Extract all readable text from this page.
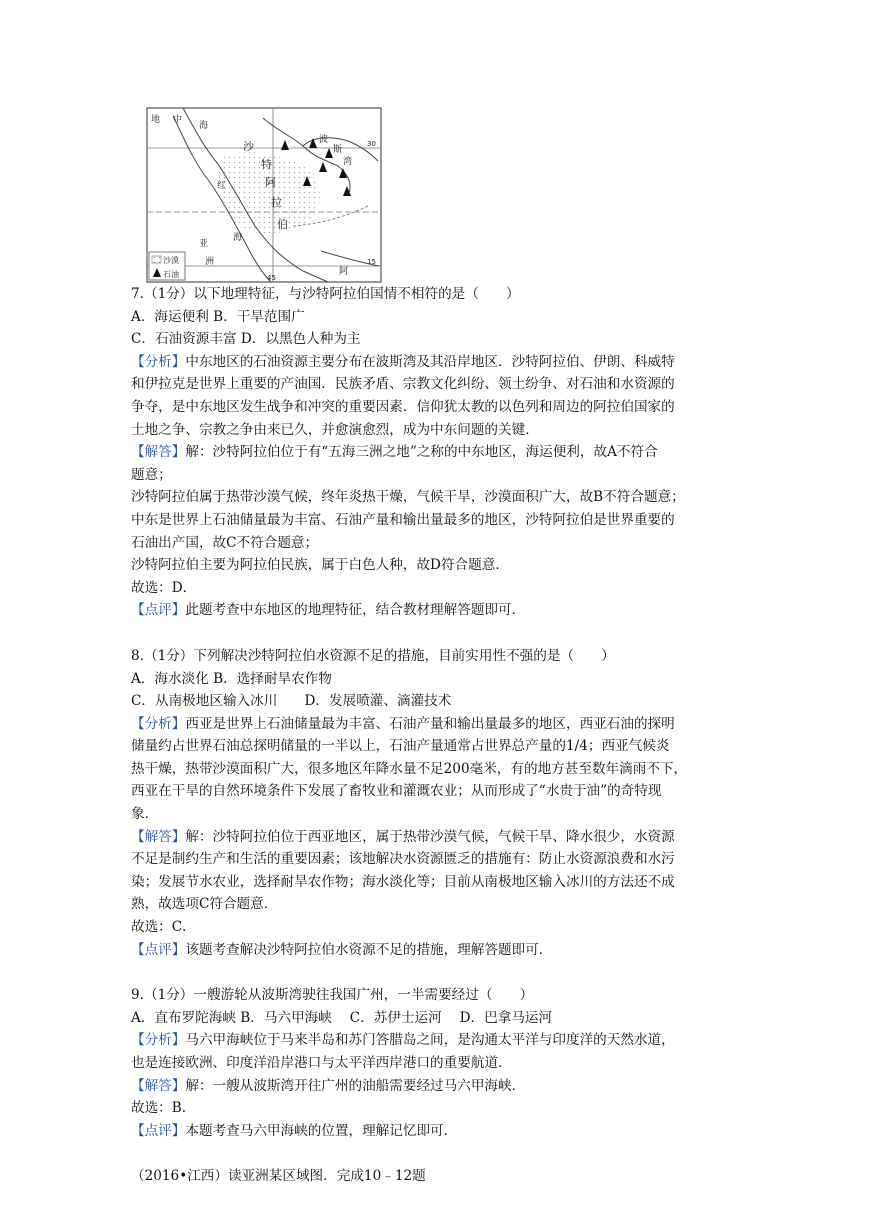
地 中
海
沙
特
阿
拉
伯
红
海
波
斯
湾
亚
洲
阿
30
15
45
沙漠
石油
7.（1分）以下地理特征，与沙特阿拉伯国情不相符的是（　　）
A．海运便利 B．干旱范围广
C．石油资源丰富 D．以黑色人种为主
【分析】中东地区的石油资源主要分布在波斯湾及其沿岸地区．沙特阿拉伯、伊朗、科威特
和伊拉克是世界上重要的产油国．民族矛盾、宗教文化纠纷、领土纷争、对石油和水资源的
争夺，是中东地区发生战争和冲突的重要因素．信仰犹太教的以色列和周边的阿拉伯国家的
土地之争、宗教之争由来已久，并愈演愈烈，成为中东问题的关键．
【解答】解：沙特阿拉伯位于有“五海三洲之地”之称的中东地区，海运便利，故A不符合
题意；
沙特阿拉伯属于热带沙漠气候，终年炎热干燥，气候干旱，沙漠面积广大，故B不符合题意；
中东是世界上石油储量最为丰富、石油产量和输出量最多的地区，沙特阿拉伯是世界重要的
石油出产国，故C不符合题意；
沙特阿拉伯主要为阿拉伯民族，属于白色人种，故D符合题意．
故选：D．
【点评】此题考查中东地区的地理特征，结合教材理解答题即可．
8.（1分）下列解决沙特阿拉伯水资源不足的措施，目前实用性不强的是（　　）
A．海水淡化 B．选择耐旱农作物
C．从南极地区输入冰川　　D．发展喷灌、滴灌技术
【分析】西亚是世界上石油储量最为丰富、石油产量和输出量最多的地区，西亚石油的探明
储量约占世界石油总探明储量的一半以上，石油产量通常占世界总产量的1/4；西亚气候炎
热干燥，热带沙漠面积广大，很多地区年降水量不足200毫米，有的地方甚至数年滴雨不下，
西亚在干旱的自然环境条件下发展了畜牧业和灌溉农业；从而形成了“水贵于油”的奇特现
象．
【解答】解：沙特阿拉伯位于西亚地区，属于热带沙漠气候，气候干旱、降水很少，水资源
不足是制约生产和生活的重要因素；该地解决水资源匮乏的措施有：防止水资源浪费和水污
染；发展节水农业，选择耐旱农作物；海水淡化等；目前从南极地区输入冰川的方法还不成
熟，故选项C符合题意．
故选：C．
【点评】该题考查解决沙特阿拉伯水资源不足的措施，理解答题即可．
9.（1分）一艘游轮从波斯湾驶往我国广州，一半需要经过（　　）
A．直布罗陀海峡 B．马六甲海峡　 C．苏伊士运河　 D．巴拿马运河
【分析】马六甲海峡位于马来半岛和苏门答腊岛之间，是沟通太平洋与印度洋的天然水道，
也是连接欧洲、印度洋沿岸港口与太平洋西岸港口的重要航道．
【解答】解：一艘从波斯湾开往广州的油船需要经过马六甲海峡．
故选：B．
【点评】本题考查马六甲海峡的位置，理解记忆即可．
（2016•江西）读亚洲某区域图．完成10﹣12题
